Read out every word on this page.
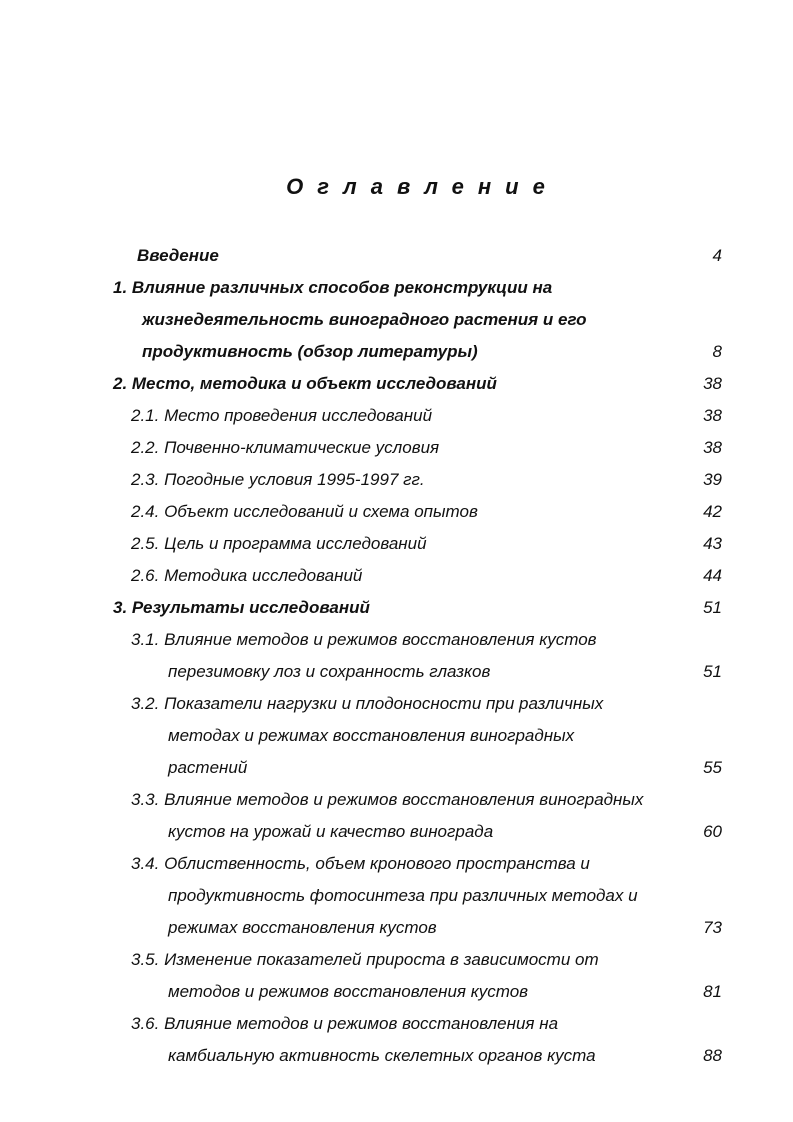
Оглавление
Введение	4
1. Влияние различных способов реконструкции на
жизнедеятельность виноградного растения и его
продуктивность (обзор литературы)	8
2. Место, методика и объект исследований	38
2.1. Место проведения исследований	38
2.2. Почвенно-климатические условия	38
2.3. Погодные условия 1995-1997 гг.	39
2.4. Объект исследований и схема опытов	42
2.5. Цель и программа исследований	43
2.6. Методика исследований	44
3. Результаты исследований	51
3.1. Влияние методов и режимов восстановления кустов
перезимовку лоз и сохранность глазков	51
3.2. Показатели нагрузки и плодоносности при различных
методах и режимах восстановления виноградных
растений	55
3.3. Влияние методов и режимов восстановления виноградных
кустов на урожай и качество винограда	60
3.4. Облиственность, объем кронового пространства и
продуктивность фотосинтеза при различных методах и
режимах восстановления кустов	73
3.5. Изменение показателей прироста в зависимости от
методов и режимов восстановления кустов	81
3.6. Влияние методов и режимов восстановления на
камбиальную активность скелетных органов куста	88
